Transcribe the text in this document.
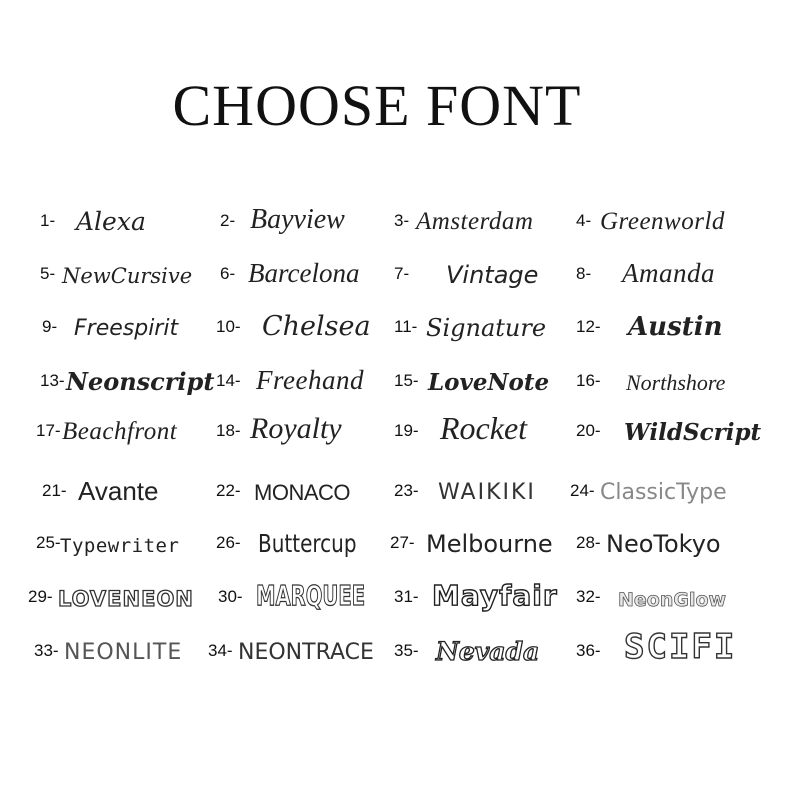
CHOOSE FONT
1- Alexa	2- Bayview	3- Amsterdam	4- Greenworld
5- NewCursive 6- Barcelona 7- Vintage 8- Amanda
9- Freespirit 10- Chelsea 11- Signature 12- Austin
13- Neonscript 14- Freehand 15- LoveNote 16- Northshore
17- Beachfront 18- Royalty	19- Rocket	20- WildScript
21- Avante	22- MONACO	23- WAIKIKI 24- ClassicType
25- Typewriter 26- Buttercup 27- Melbourne 28- NeoTokyo
29- LOVENEON 30- MARQUEE 31- Mayfair 32- NeonGlow
33- NEONLITE 34- NEONTRACE 35- Nevada 36- SCIFI
